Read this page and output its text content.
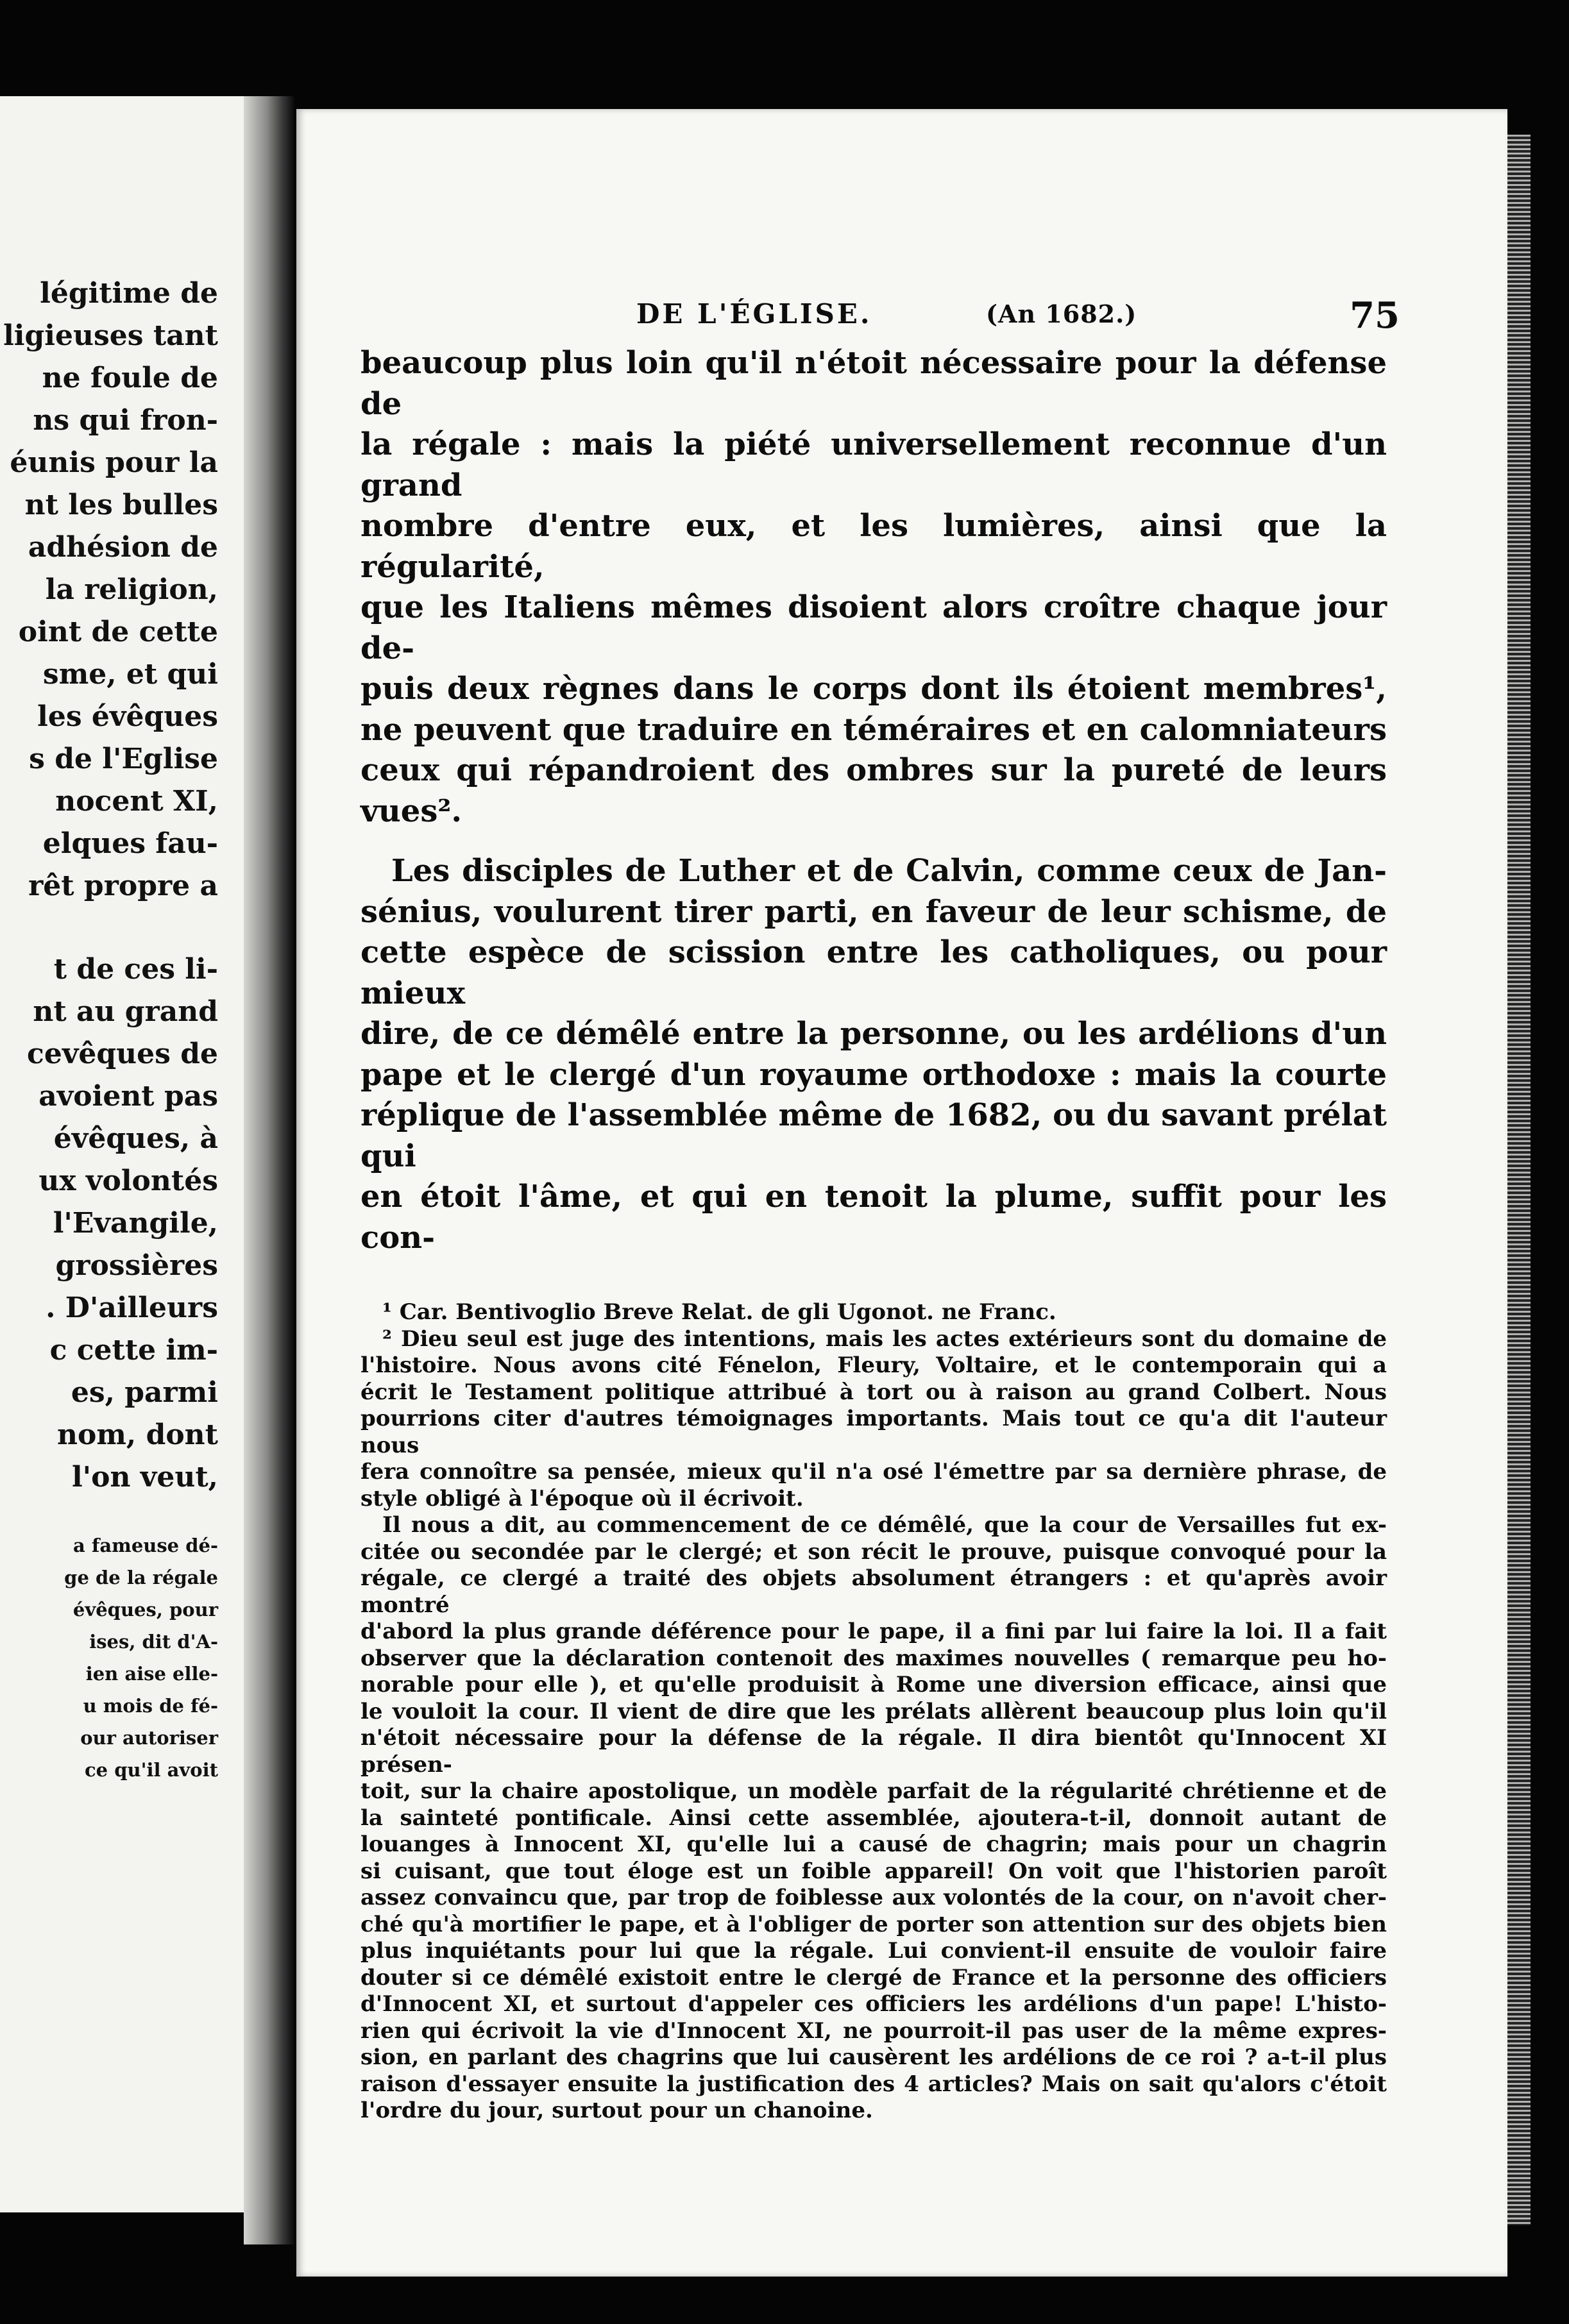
légitime de
ligieuses tant
ne foule de
ns qui fron-
éunis pour la
nt les bulles
adhésion de
la religion,
oint de cette
sme, et qui
les évêques
s de l'Eglise
nocent XI,
elques fau-
rêt propre a
t de ces li-
nt au grand
cevêques de
avoient pas
évêques, à
ux volontés
l'Evangile,
grossières
. D'ailleurs
c cette im-
es, parmi
nom, dont
l'on veut,
a fameuse dé-
ge de la régale
évêques, pour
ises, dit d'A-
ien aise elle-
u mois de fé-
our autoriser
ce qu'il avoit
DE L'ÉGLISE.	(An 1682.)	75

beaucoup plus loin qu'il n'étoit nécessaire pour la défense de

la régale : mais la piété universellement reconnue d'un grand

nombre d'entre eux, et les lumières, ainsi que la régularité,

que les Italiens mêmes disoient alors croître chaque jour de-

puis deux règnes dans le corps dont ils étoient membres¹,

ne peuvent que traduire en téméraires et en calomniateurs

ceux qui répandroient des ombres sur la pureté de leurs

vues².

Les disciples de Luther et de Calvin, comme ceux de Jan-

sénius, voulurent tirer parti, en faveur de leur schisme, de

cette espèce de scission entre les catholiques, ou pour mieux

dire, de ce démêlé entre la personne, ou les ardélions d'un

pape et le clergé d'un royaume orthodoxe : mais la courte

réplique de l'assemblée même de 1682, ou du savant prélat qui

en étoit l'âme, et qui en tenoit la plume, suffit pour les con-

¹ Car. Bentivoglio Breve Relat. de gli Ugonot. ne Franc.

² Dieu seul est juge des intentions, mais les actes extérieurs sont du domaine de

l'histoire. Nous avons cité Fénelon, Fleury, Voltaire, et le contemporain qui a

écrit le Testament politique attribué à tort ou à raison au grand Colbert. Nous

pourrions citer d'autres témoignages importants. Mais tout ce qu'a dit l'auteur nous

fera connoître sa pensée, mieux qu'il n'a osé l'émettre par sa dernière phrase, de

style obligé à l'époque où il écrivoit.

Il nous a dit, au commencement de ce démêlé, que la cour de Versailles fut ex-

citée ou secondée par le clergé; et son récit le prouve, puisque convoqué pour la

régale, ce clergé a traité des objets absolument étrangers : et qu'après avoir montré

d'abord la plus grande déférence pour le pape, il a fini par lui faire la loi. Il a fait

observer que la déclaration contenoit des maximes nouvelles ( remarque peu ho-

norable pour elle ), et qu'elle produisit à Rome une diversion efficace, ainsi que

le vouloit la cour. Il vient de dire que les prélats allèrent beaucoup plus loin qu'il

n'étoit nécessaire pour la défense de la régale. Il dira bientôt qu'Innocent XI présen-

toit, sur la chaire apostolique, un modèle parfait de la régularité chrétienne et de

la sainteté pontificale. Ainsi cette assemblée, ajoutera-t-il, donnoit autant de

louanges à Innocent XI, qu'elle lui a causé de chagrin; mais pour un chagrin

si cuisant, que tout éloge est un foible appareil! On voit que l'historien paroît

assez convaincu que, par trop de foiblesse aux volontés de la cour, on n'avoit cher-

ché qu'à mortifier le pape, et à l'obliger de porter son attention sur des objets bien

plus inquiétants pour lui que la régale. Lui convient-il ensuite de vouloir faire

douter si ce démêlé existoit entre le clergé de France et la personne des officiers

d'Innocent XI, et surtout d'appeler ces officiers les ardélions d'un pape! L'histo-

rien qui écrivoit la vie d'Innocent XI, ne pourroit-il pas user de la même expres-

sion, en parlant des chagrins que lui causèrent les ardélions de ce roi ? a-t-il plus

raison d'essayer ensuite la justification des 4 articles? Mais on sait qu'alors c'étoit

l'ordre du jour, surtout pour un chanoine.
